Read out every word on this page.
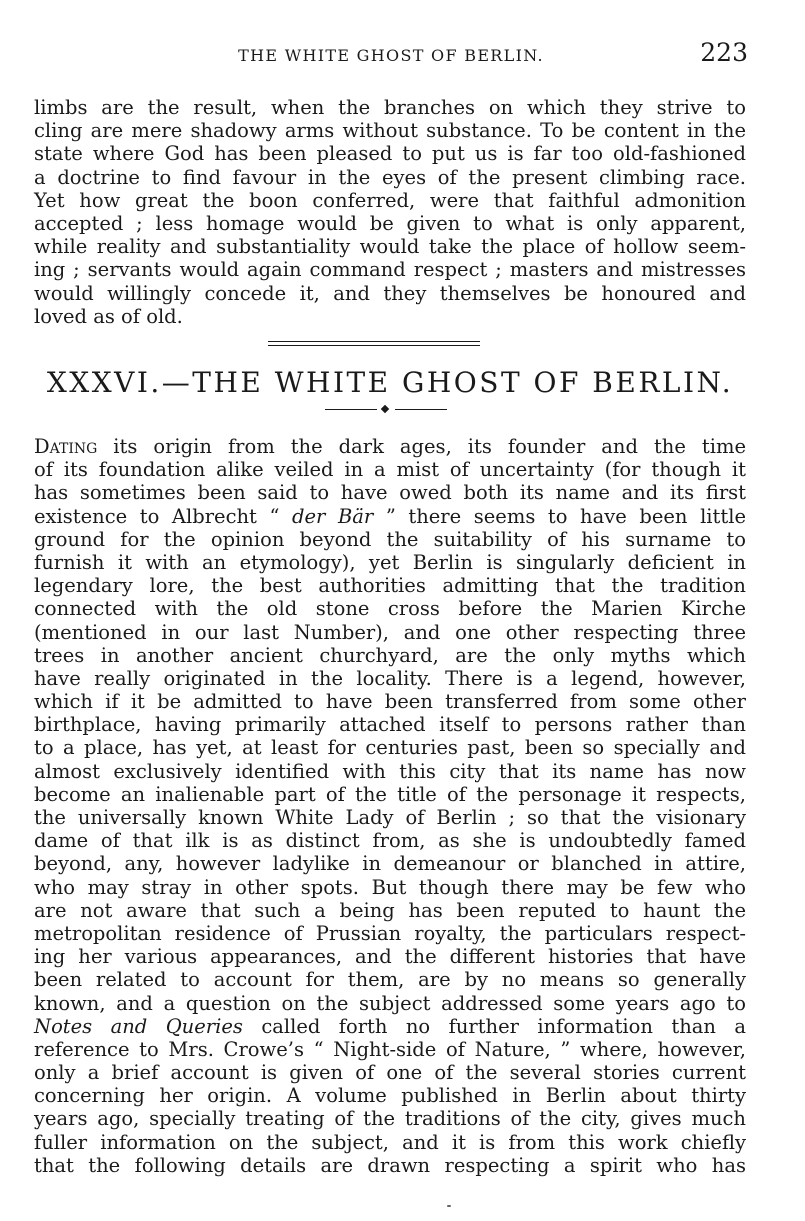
THE WHITE GHOST OF BERLIN.	223
limbs are the result, when the branches on which they strive to
cling are mere shadowy arms without substance. To be content in the
state where God has been pleased to put us is far too old-fashioned
a doctrine to find favour in the eyes of the present climbing race.
Yet how great the boon conferred, were that faithful admonition
accepted ; less homage would be given to what is only apparent,
while reality and substantiality would take the place of hollow seem-
ing ; servants would again command respect ; masters and mistresses
would willingly concede it, and they themselves be honoured and
loved as of old.
XXXVI.—THE WHITE GHOST OF BERLIN.
Dating its origin from the dark ages, its founder and the time
of its foundation alike veiled in a mist of uncertainty (for though it
has sometimes been said to have owed both its name and its first
existence to Albrecht “ der Bär ” there seems to have been little
ground for the opinion beyond the suitability of his surname to
furnish it with an etymology), yet Berlin is singularly deficient in
legendary lore, the best authorities admitting that the tradition
connected with the old stone cross before the Marien Kirche
(mentioned in our last Number), and one other respecting three
trees in another ancient churchyard, are the only myths which
have really originated in the locality. There is a legend, however,
which if it be admitted to have been transferred from some other
birthplace, having primarily attached itself to persons rather than
to a place, has yet, at least for centuries past, been so specially and
almost exclusively identified with this city that its name has now
become an inalienable part of the title of the personage it respects,
the universally known White Lady of Berlin ; so that the visionary
dame of that ilk is as distinct from, as she is undoubtedly famed
beyond, any, however ladylike in demeanour or blanched in attire,
who may stray in other spots. But though there may be few who
are not aware that such a being has been reputed to haunt the
metropolitan residence of Prussian royalty, the particulars respect-
ing her various appearances, and the different histories that have
been related to account for them, are by no means so generally
known, and a question on the subject addressed some years ago to
Notes and Queries called forth no further information than a
reference to Mrs. Crowe’s “ Night-side of Nature, ” where, however,
only a brief account is given of one of the several stories current
concerning her origin. A volume published in Berlin about thirty
years ago, specially treating of the traditions of the city, gives much
fuller information on the subject, and it is from this work chiefly
that the following details are drawn respecting a spirit who has
